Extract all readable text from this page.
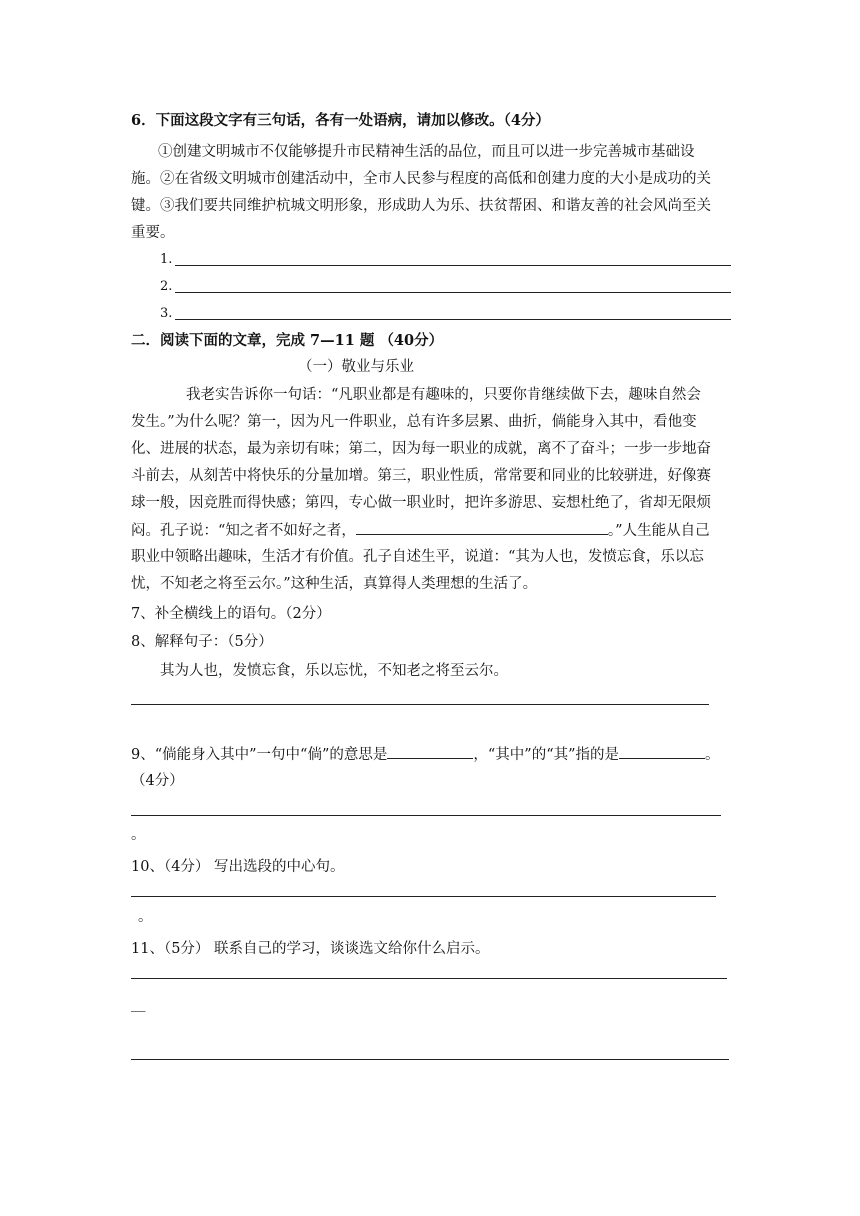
6．下面这段文字有三句话，各有一处语病，请加以修改。（4分）
①创建文明城市不仅能够提升市民精神生活的品位，而且可以进一步完善城市基础设
施。②在省级文明城市创建活动中，全市人民参与程度的高低和创建力度的大小是成功的关
键。③我们要共同维护杭城文明形象，形成助人为乐、扶贫帮困、和谐友善的社会风尚至关
重要。
1.
2.
3.
二．阅读下面的文章，完成 7—11 题 （40分）
（一）敬业与乐业
我老实告诉你一句话：“凡职业都是有趣味的，只要你肯继续做下去，趣味自然会
发生。”为什么呢？第一，因为凡一件职业，总有许多层累、曲折，倘能身入其中，看他变
化、进展的状态，最为亲切有味；第二，因为每一职业的成就，离不了奋斗；一步一步地奋
斗前去，从刻苦中将快乐的分量加增。第三，职业性质，常常要和同业的比较骈进，好像赛
球一般，因竞胜而得快感；第四，专心做一职业时，把许多游思、妄想杜绝了，省却无限烦
闷。孔子说：“知之者不如好之者，	。”人生能从自己
职业中领略出趣味，生活才有价值。孔子自述生平，说道：“其为人也，发愤忘食，乐以忘
忧，不知老之将至云尔。”这种生活，真算得人类理想的生活了。
7、补全横线上的语句。（2分）
8、解释句子：（5分）
其为人也，发愤忘食，乐以忘忧，不知老之将至云尔。
9、“倘能身入其中”一句中“倘”的意思是	，“其中”的“其”指的是	。
（4分）
。
10、（4分） 写出选段的中心句。
。
11、（5分） 联系自己的学习，谈谈选文给你什么启示。
__
